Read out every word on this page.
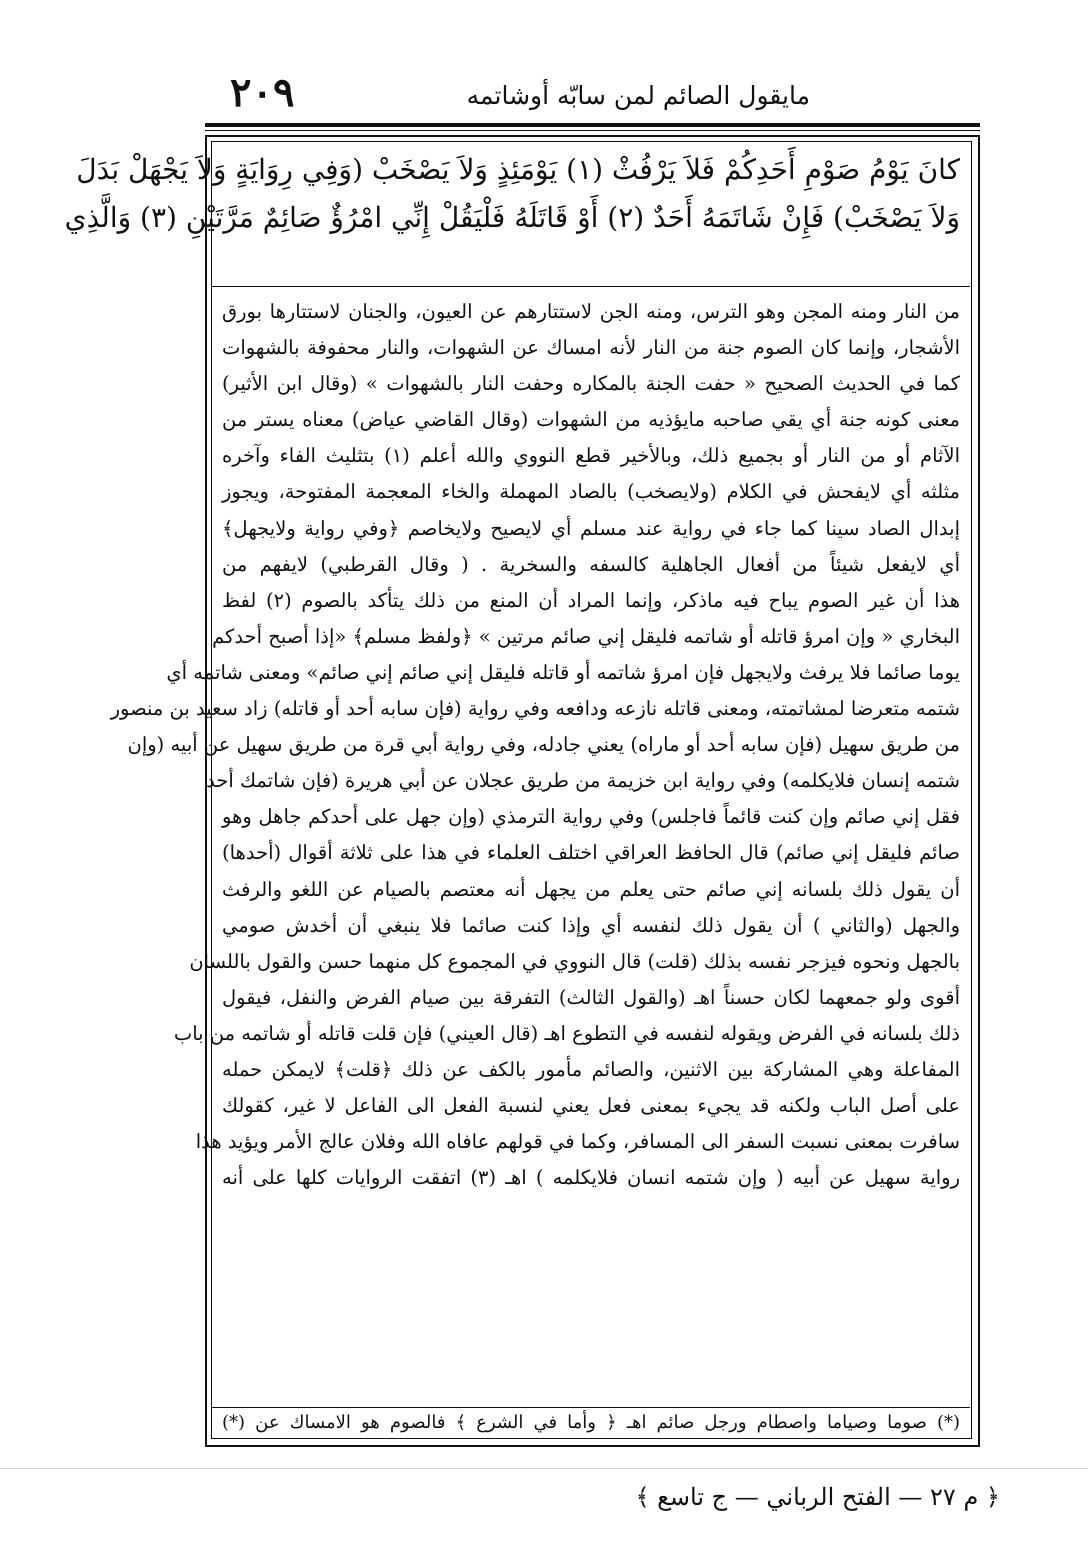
٢٠٩	مايقول الصائم لمن سابّه أوشاتمه
كانَ يَوْمُ صَوْمِ أَحَدِكُمْ فَلاَ يَرْفُثْ (١) يَوْمَئِذٍ وَلاَ يَصْخَبْ (وَفِي رِوَايَةٍ وَلاَ يَجْهَلْ بَدَلَ
وَلاَ يَصْخَبْ) فَإِنْ شَاتَمَهُ أَحَدٌ (٢) أَوْ قَاتَلَهُ فَلْيَقُلْ إِنِّي امْرُؤٌ صَائِمٌ مَرَّتَيْنِ (٣) وَالَّذِي
من النار ومنه المجن وهو الترس، ومنه الجن لاستتارهم عن العيون، والجنان لاستتارها بورق
الأشجار، وإنما كان الصوم جنة من النار لأنه امساك عن الشهوات، والنار محفوفة بالشهوات
كما في الحديث الصحيح « حفت الجنة بالمكاره وحفت النار بالشهوات » (وقال ابن الأثير)
معنى كونه جنة أي يقي صاحبه مايؤذيه من الشهوات (وقال القاضي عياض) معناه يستر من
الآثام أو من النار أو بجميع ذلك، وبالأخير قطع النووي والله أعلم (١) بتثليث الفاء وآخره
مثلثه أي لايفحش في الكلام (ولايصخب) بالصاد المهملة والخاء المعجمة المفتوحة، ويجوز
إبدال الصاد سينا كما جاء في رواية عند مسلم أي لايصيح ولايخاصم ﴿وفي رواية ولايجهل﴾
أي لايفعل شيئاً من أفعال الجاهلية كالسفه والسخرية . ( وقال القرطبي) لايفهم من
هذا أن غير الصوم يباح فيه ماذكر، وإنما المراد أن المنع من ذلك يتأكد بالصوم (٢) لفظ
البخاري « وإن امرؤ قاتله أو شاتمه فليقل إني صائم مرتين » ﴿ولفظ مسلم﴾ «إذا أصبح أحدكم
يوما صائما فلا يرفث ولايجهل فإن امرؤ شاتمه أو قاتله فليقل إني صائم إني صائم» ومعنى شاتمه أي
شتمه متعرضا لمشاتمته، ومعنى قاتله نازعه ودافعه وفي رواية (فإن سابه أحد أو قاتله) زاد سعيد بن منصور
من طريق سهيل (فإن سابه أحد أو ماراه) يعني جادله، وفي رواية أبي قرة من طريق سهيل عن أبيه (وإن
شتمه إنسان فلايكلمه) وفي رواية ابن خزيمة من طريق عجلان عن أبي هريرة (فإن شاتمك أحد
فقل إني صائم وإن كنت قائماً فاجلس) وفي رواية الترمذي (وإن جهل على أحدكم جاهل وهو
صائم فليقل إني صائم) قال الحافظ العراقي اختلف العلماء في هذا على ثلاثة أقوال (أحدها)
أن يقول ذلك بلسانه إني صائم حتى يعلم من يجهل أنه معتصم بالصيام عن اللغو والرفث
والجهل (والثاني ) أن يقول ذلك لنفسه أي وإذا كنت صائما فلا ينبغي أن أخدش صومي
بالجهل ونحوه فيزجر نفسه بذلك (قلت) قال النووي في المجموع كل منهما حسن والقول باللسان
أقوى ولو جمعهما لكان حسناً اهـ (والقول الثالث) التفرقة بين صيام الفرض والنفل، فيقول
ذلك بلسانه في الفرض ويقوله لنفسه في التطوع اهـ (قال العيني) فإن قلت قاتله أو شاتمه من باب
المفاعلة وهي المشاركة بين الاثنين، والصائم مأمور بالكف عن ذلك ﴿قلت﴾ لايمكن حمله
على أصل الباب ولكنه قد يجيء بمعنى فعل يعني لنسبة الفعل الى الفاعل لا غير، كقولك
سافرت بمعنى نسبت السفر الى المسافر، وكما في قولهم عافاه الله وفلان عالج الأمر ويؤيد هذا
رواية سهيل عن أبيه ( وإن شتمه انسان فلايكلمه ) اهـ (٣) اتفقت الروايات كلها على أنه
(*) صوما وصياما واصطام ورجل صائم اهـ ﴿ وأما في الشرع ﴾ فالصوم هو الامساك عن (*)
﴿ م ٢٧ — الفتح الرباني — ج تاسع ﴾
